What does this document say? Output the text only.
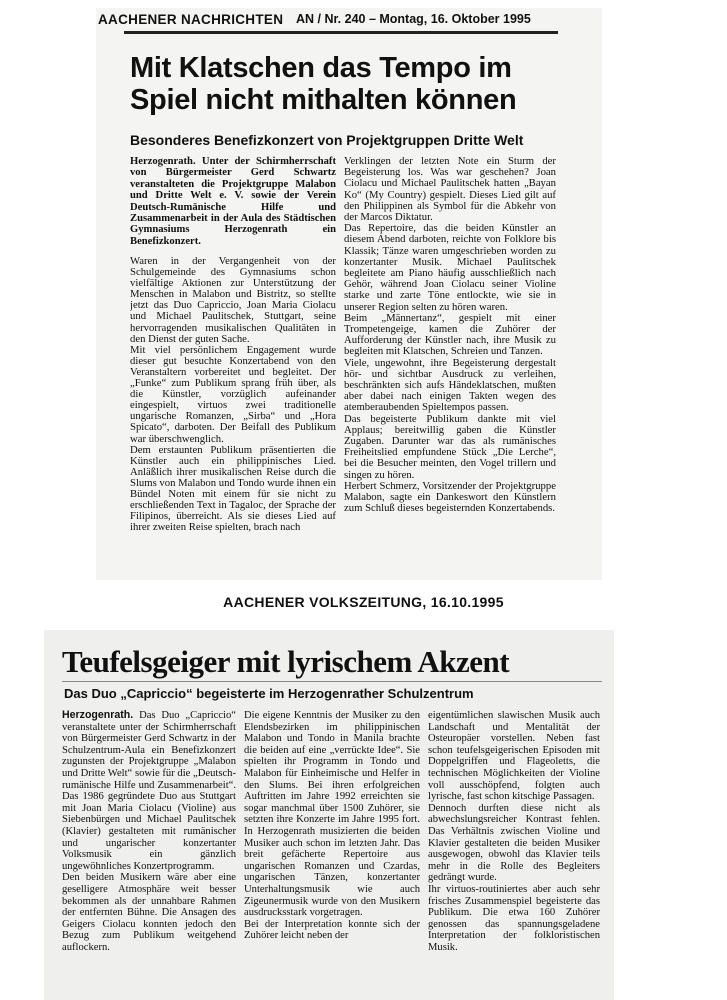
AACHENER NACHRICHTEN AN / Nr. 240 – Montag, 16. Oktober 1995
Mit Klatschen das Tempo im
Spiel nicht mithalten können
Besonderes Benefizkonzert von Projektgruppen Dritte Welt

Herzogenrath. Unter der Schirmherrschaft von Bürgermeister Gerd Schwartz veranstalteten die Projektgruppe Malabon und Dritte Welt e. V. sowie der Verein Deutsch-Rumänische Hilfe und Zusammenarbeit in der Aula des Städtischen Gymnasiums Herzogenrath ein Benefizkonzert.

Waren in der Vergangenheit von der Schulgemeinde des Gymnasiums schon vielfältige Aktionen zur Unterstützung der Menschen in Malabon und Bistritz, so stellte jetzt das Duo Capriccio, Joan Maria Ciolacu und Michael Paulitschek, Stuttgart, seine hervorragenden musikalischen Qualitäten in den Dienst der guten Sache.

Mit viel persönlichem Engagement wurde dieser gut besuchte Konzertabend von den Veranstaltern vorbereitet und begleitet. Der „Funke“ zum Publikum sprang früh über, als die Künstler, vorzüglich aufeinander eingespielt, virtuos zwei traditionelle ungarische Romanzen, „Sirba“ und „Hora Spicato“, darboten. Der Beifall des Publikum war überschwenglich.

Dem erstaunten Publikum präsentierten die Künstler auch ein philippinisches Lied. Anläßlich ihrer musikalischen Reise durch die Slums von Malabon und Tondo wurde ihnen ein Bündel Noten mit einem für sie nicht zu erschließenden Text in Tagaloc, der Sprache der Filipinos, überreicht. Als sie dieses Lied auf ihrer zweiten Reise spielten, brach nach

Verklingen der letzten Note ein Sturm der Begeisterung los. Was war geschehen? Joan Ciolacu und Michael Paulitschek hatten „Bayan Ko“ (My Country) gespielt. Dieses Lied gilt auf den Philippinen als Symbol für die Abkehr von der Marcos Diktatur.

Das Repertoire, das die beiden Künstler an diesem Abend darboten, reichte von Folklore bis Klassik; Tänze waren umgeschrieben worden zu konzertanter Musik. Michael Paulitschek begleitete am Piano häufig ausschließlich nach Gehör, während Joan Ciolacu seiner Violine starke und zarte Töne entlockte, wie sie in unserer Region selten zu hören waren.

Beim „Männertanz“, gespielt mit einer Trompetengeige, kamen die Zuhörer der Aufforderung der Künstler nach, ihre Musik zu begleiten mit Klatschen, Schreien und Tanzen.

Viele, ungewohnt, ihre Begeisterung dergestalt hör- und sichtbar Ausdruck zu verleihen, beschränkten sich aufs Händeklatschen, mußten aber dabei nach einigen Takten wegen des atemberaubenden Spieltempos passen.

Das begeisterte Publikum dankte mit viel Applaus; bereitwillig gaben die Künstler Zugaben. Darunter war das als rumänisches Freiheitslied empfundene Stück „Die Lerche“, bei die Besucher meinten, den Vogel trillern und singen zu hören.

Herbert Schmerz, Vorsitzender der Projektgruppe Malabon, sagte ein Dankeswort den Künstlern zum Schluß dieses begeisternden Konzertabends.

AACHENER VOLKSZEITUNG, 16.10.1995
Teufelsgeiger mit lyrischem Akzent
Das Duo „Capriccio“ begeisterte im Herzogenrather Schulzentrum

Herzogenrath. Das Duo „Capriccio“ veranstaltete unter der Schirmherrschaft von Bürgermeister Gerd Schwartz in der Schulzentrum-Aula ein Benefizkonzert zugunsten der Projektgruppe „Malabon und Dritte Welt“ sowie für die „Deutsch-rumänische Hilfe und Zusammenarbeit“. Das 1986 gegründete Duo aus Stuttgart mit Joan Maria Ciolacu (Violine) aus Siebenbürgen und Michael Paulitschek (Klavier) gestalteten mit rumänischer und ungarischer konzertanter Volksmusik ein gänzlich ungewöhnliches Konzertprogramm.

Den beiden Musikern wäre aber eine geselligere Atmosphäre weit besser bekommen als der unnahbare Rahmen der entfernten Bühne. Die Ansagen des Geigers Ciolacu konnten jedoch den Bezug zum Publikum weitgehend auflockern.

Die eigene Kenntnis der Musiker zu den Elendsbezirken im philippinischen Malabon und Tondo in Manila brachte die beiden auf eine „verrückte Idee“. Sie spielten ihr Programm in Tondo und Malabon für Einheimische und Helfer in den Slums. Bei ihren erfolgreichen Auftritten im Jahre 1992 erreichten sie sogar manchmal über 1500 Zuhörer, sie setzten ihre Konzerte im Jahre 1995 fort. In Herzogenrath musizierten die beiden Musiker auch schon im letzten Jahr. Das breit gefächerte Repertoire aus ungarischen Romanzen und Czardas, ungarischen Tänzen, konzertanter Unterhaltungsmusik wie auch Zigeunermusik wurde von den Musikern ausdrucksstark vorgetragen.

Bei der Interpretation konnte sich der Zuhörer leicht neben der

eigentümlichen slawischen Musik auch Landschaft und Mentalität der Osteuropäer vorstellen. Neben fast schon teufelsgeigerischen Episoden mit Doppelgriffen und Flageoletts, die technischen Möglichkeiten der Violine voll ausschöpfend, folgten auch lyrische, fast schon kitschige Passagen.

Dennoch durften diese nicht als abwechslungsreicher Kontrast fehlen. Das Verhältnis zwischen Violine und Klavier gestalteten die beiden Musiker ausgewogen, obwohl das Klavier teils mehr in die Rolle des Begleiters gedrängt wurde.

Ihr virtuos-routiniertes aber auch sehr frisches Zusammenspiel begeisterte das Publikum. Die etwa 160 Zuhörer genossen das spannungsgeladene Interpretation der folkloristischen Musik.
